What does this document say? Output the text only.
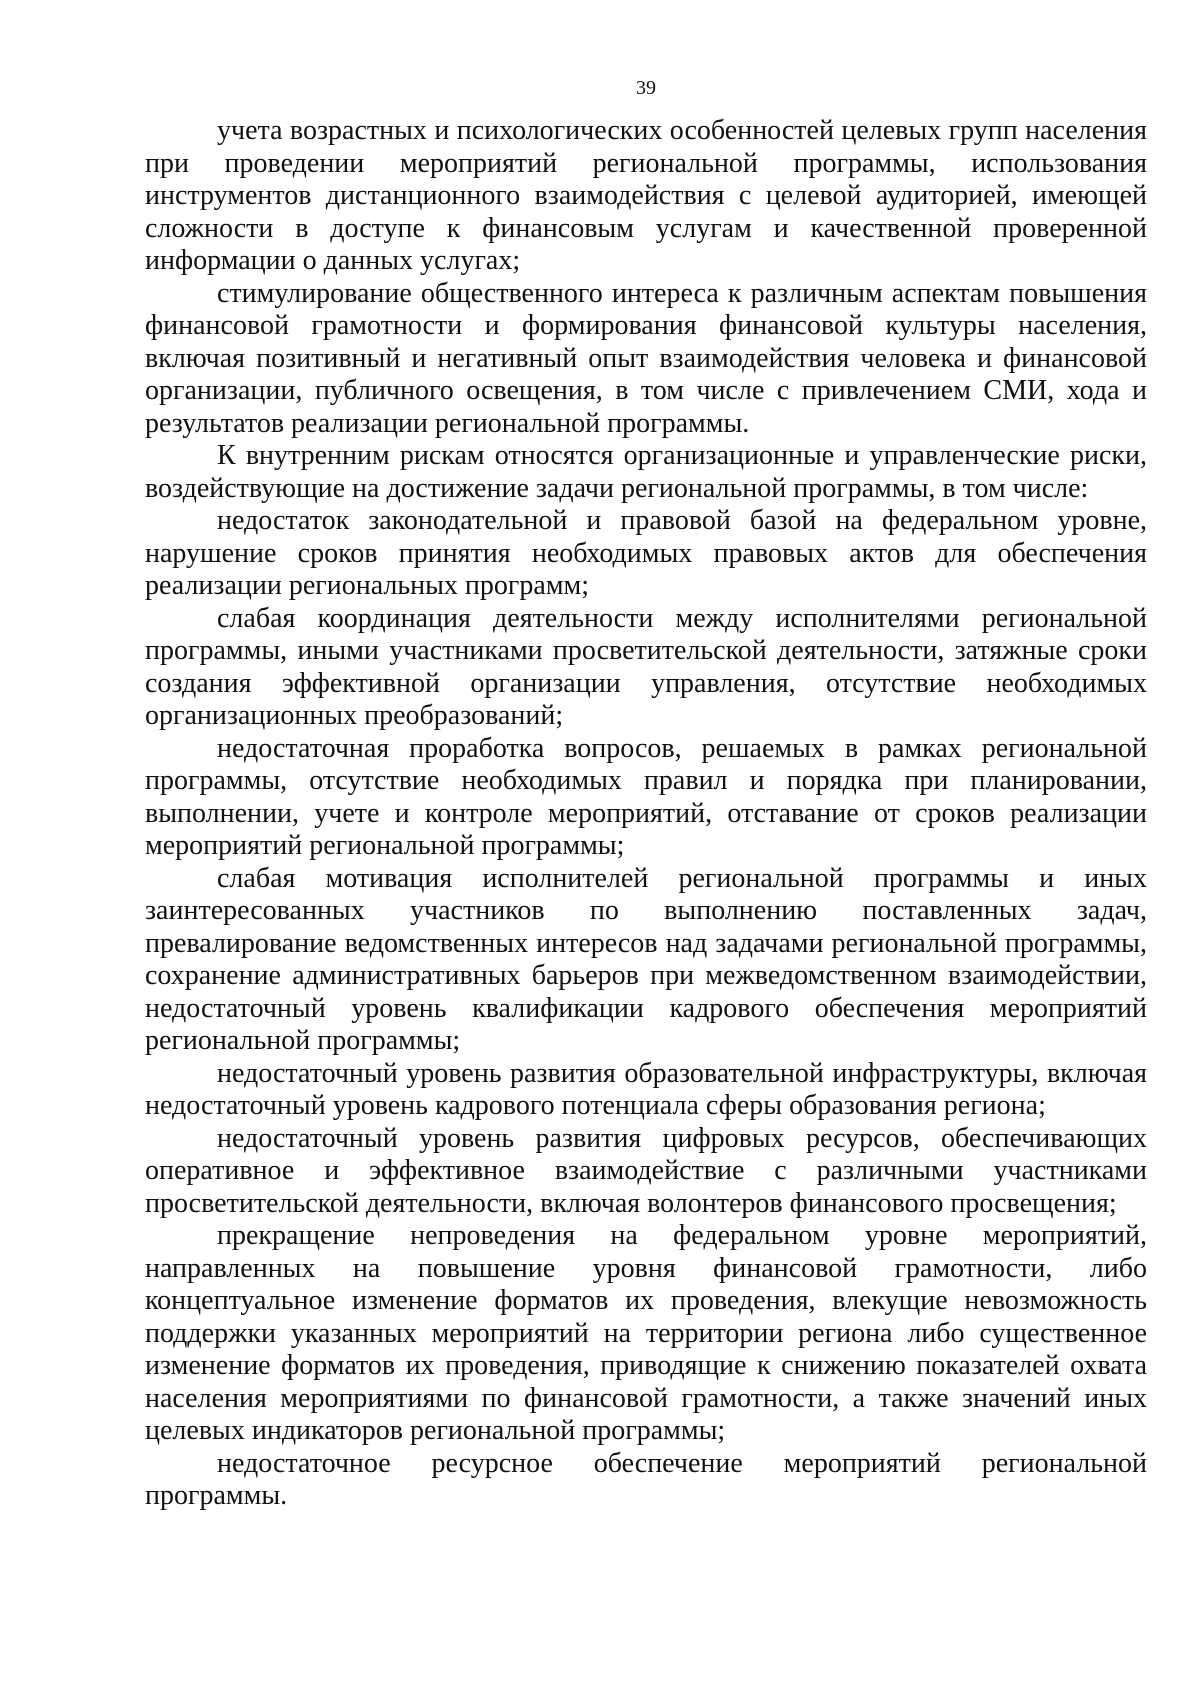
39

учета возрастных и психологических особенностей целевых групп населения при проведении мероприятий региональной программы, использования инструментов дистанционного взаимодействия с целевой аудиторией, имеющей сложности в доступе к финансовым услугам и качественной проверенной информации о данных услугах;

стимулирование общественного интереса к различным аспектам повышения финансовой грамотности и формирования финансовой культуры населения, включая позитивный и негативный опыт взаимодействия человека и финансовой организации, публичного освещения, в том числе с привлечением СМИ, хода и результатов реализации региональной программы.

К внутренним рискам относятся организационные и управленческие риски, воздействующие на достижение задачи региональной программы, в том числе:

недостаток законодательной и правовой базой на федеральном уровне, нарушение сроков принятия необходимых правовых актов для обеспечения реализации региональных программ;

слабая координация деятельности между исполнителями региональной программы, иными участниками просветительской деятельности, затяжные сроки создания эффективной организации управления, отсутствие необходимых организационных преобразований;

недостаточная проработка вопросов, решаемых в рамках региональной программы, отсутствие необходимых правил и порядка при планировании, выполнении, учете и контроле мероприятий, отставание от сроков реализации мероприятий региональной программы;

слабая мотивация исполнителей региональной программы и иных заинтересованных участников по выполнению поставленных задач, превалирование ведомственных интересов над задачами региональной программы, сохранение административных барьеров при межведомственном взаимодействии, недостаточный уровень квалификации кадрового обеспечения мероприятий региональной программы;

недостаточный уровень развития образовательной инфраструктуры, включая недостаточный уровень кадрового потенциала сферы образования региона;

недостаточный уровень развития цифровых ресурсов, обеспечивающих оперативное и эффективное взаимодействие с различными участниками просветительской деятельности, включая волонтеров финансового просвещения;

прекращение непроведения на федеральном уровне мероприятий, направленных на повышение уровня финансовой грамотности, либо концептуальное изменение форматов их проведения, влекущие невозможность поддержки указанных мероприятий на территории региона либо существенное изменение форматов их проведения, приводящие к снижению показателей охвата населения мероприятиями по финансовой грамотности, а также значений иных целевых индикаторов региональной программы;

недостаточное ресурсное обеспечение мероприятий региональной программы.
